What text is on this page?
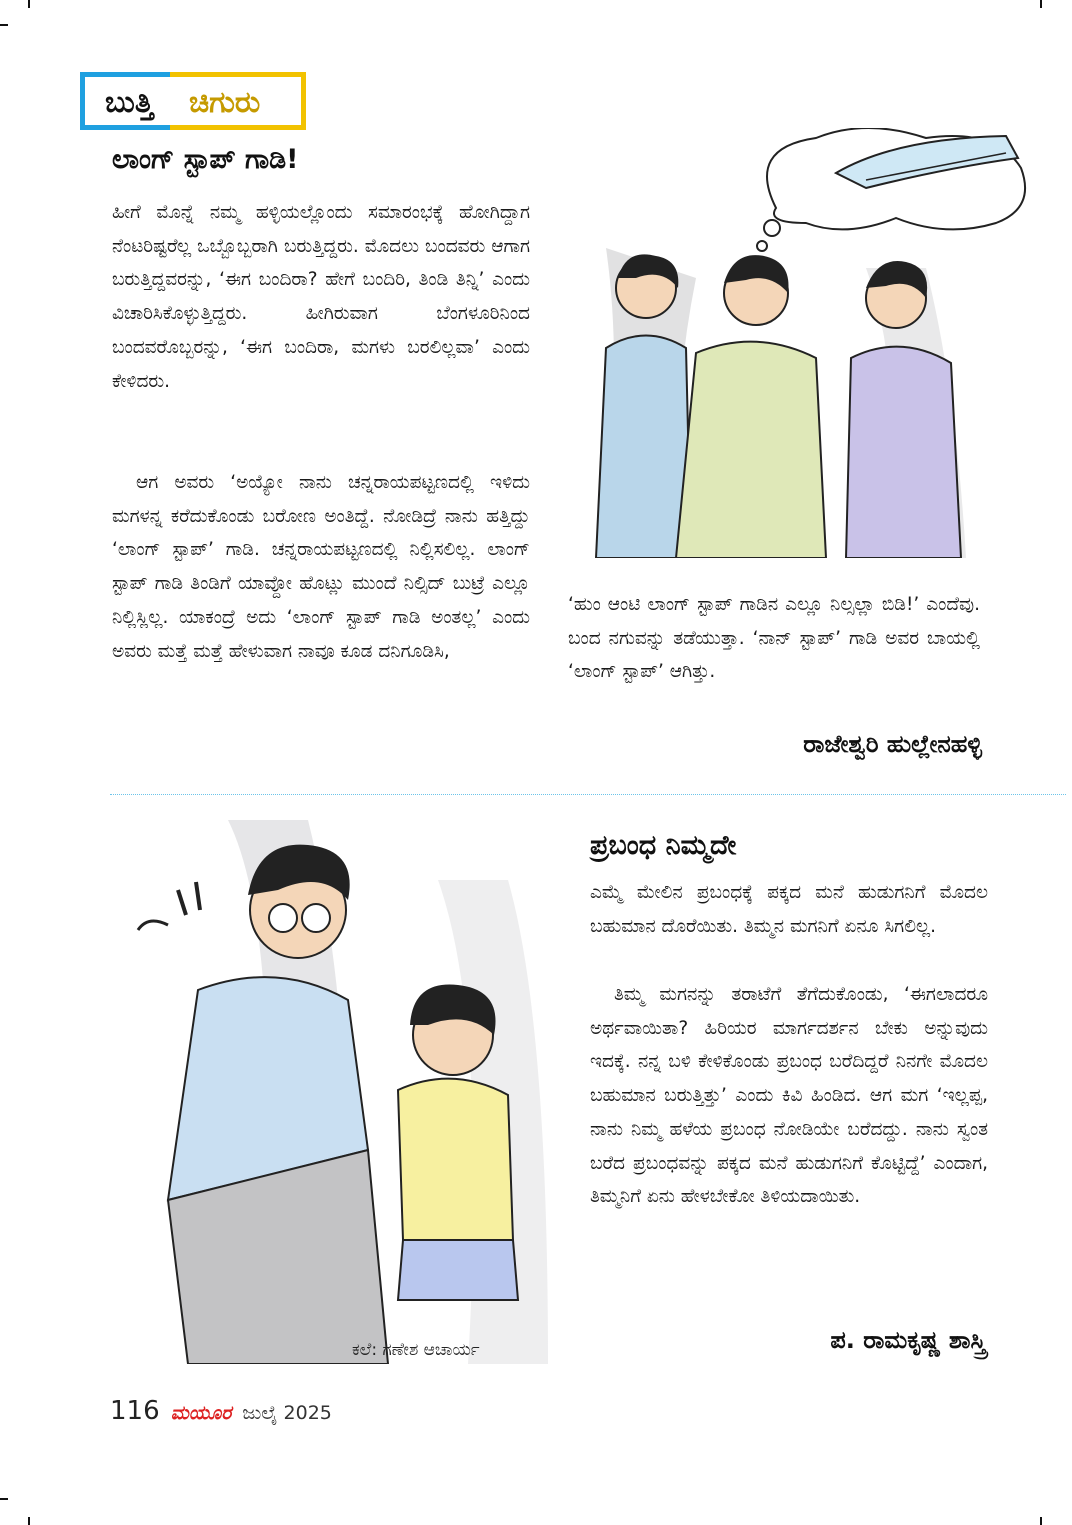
ಬುತ್ತಿ ಚಿಗುರು
ಲಾಂಗ್ ಸ್ಟಾಪ್ ಗಾಡಿ!

ಹೀಗೆ ಮೊನ್ನೆ ನಮ್ಮ ಹಳ್ಳಿಯಲ್ಲೊಂದು ಸಮಾರಂಭಕ್ಕೆ ಹೋಗಿದ್ದಾಗ ನೆಂಟರಿಷ್ಟರೆಲ್ಲ ಒಬ್ಬೊಬ್ಬರಾಗಿ ಬರುತ್ತಿದ್ದರು. ಮೊದಲು ಬಂದವರು ಆಗಾಗ ಬರುತ್ತಿದ್ದವರನ್ನು, ‘ಈಗ ಬಂದಿರಾ? ಹೇಗೆ ಬಂದಿರಿ, ತಿಂಡಿ ತಿನ್ನಿ’ ಎಂದು ವಿಚಾರಿಸಿಕೊಳ್ಳುತ್ತಿದ್ದರು. ಹೀಗಿರುವಾಗ ಬೆಂಗಳೂರಿನಿಂದ ಬಂದವರೊಬ್ಬರನ್ನು, ‘ಈಗ ಬಂದಿರಾ, ಮಗಳು ಬರಲಿಲ್ಲವಾ’ ಎಂದು ಕೇಳಿದರು.

ಆಗ ಅವರು ‘ಅಯ್ಯೋ ನಾನು ಚನ್ನರಾಯಪಟ್ಟಣದಲ್ಲಿ ಇಳಿದು ಮಗಳನ್ನ ಕರೆದುಕೊಂಡು ಬರೋಣ ಅಂತಿದ್ದೆ. ನೋಡಿದ್ರೆ ನಾನು ಹತ್ತಿದ್ದು ‘ಲಾಂಗ್ ಸ್ಟಾಪ್’ ಗಾಡಿ. ಚನ್ನರಾಯಪಟ್ಟಣದಲ್ಲಿ ನಿಲ್ಲಿಸಲಿಲ್ಲ. ಲಾಂಗ್ ಸ್ಟಾಪ್ ಗಾಡಿ ತಿಂಡಿಗೆ ಯಾವ್ದೋ ಹೊಟ್ಲು ಮುಂದೆ ನಿಲ್ಸಿದ್ ಬುಟ್ರೆ ಎಲ್ಲೂ ನಿಲ್ಲಿಸ್ಲಿಲ್ಲ. ಯಾಕಂದ್ರೆ ಅದು ‘ಲಾಂಗ್ ಸ್ಟಾಪ್ ಗಾಡಿ ಅಂತಲ್ಲ’ ಎಂದು ಅವರು ಮತ್ತೆ ಮತ್ತೆ ಹೇಳುವಾಗ ನಾವೂ ಕೂಡ ದನಿಗೂಡಿಸಿ,

‘ಹುಂ ಆಂಟಿ ಲಾಂಗ್ ಸ್ಟಾಪ್ ಗಾಡಿನ ಎಲ್ಲೂ ನಿಲ್ಸಲ್ಲಾ ಬಿಡಿ!’ ಎಂದೆವು. ಬಂದ ನಗುವನ್ನು ತಡೆಯುತ್ತಾ. ‘ನಾನ್ ಸ್ಟಾಪ್’ ಗಾಡಿ ಅವರ ಬಾಯಲ್ಲಿ ‘ಲಾಂಗ್ ಸ್ಟಾಪ್’ ಆಗಿತ್ತು.

ರಾಜೇಶ್ವರಿ ಹುಲ್ಲೇನಹಳ್ಳಿ
ಕಲೆ: ಗಣೇಶ ಆಚಾರ್ಯ
ಪ್ರಬಂಧ ನಿಮ್ಮದೇ

ಎಮ್ಮೆ ಮೇಲಿನ ಪ್ರಬಂಧಕ್ಕೆ ಪಕ್ಕದ ಮನೆ ಹುಡುಗನಿಗೆ ಮೊದಲ ಬಹುಮಾನ ದೊರೆಯಿತು. ತಿಮ್ಮನ ಮಗನಿಗೆ ಏನೂ ಸಿಗಲಿಲ್ಲ.

ತಿಮ್ಮ ಮಗನನ್ನು ತರಾಟೆಗೆ ತೆಗೆದುಕೊಂಡು, ‘ಈಗಲಾದರೂ ಅರ್ಥವಾಯಿತಾ? ಹಿರಿಯರ ಮಾರ್ಗದರ್ಶನ ಬೇಕು ಅನ್ನುವುದು ಇದಕ್ಕೆ. ನನ್ನ ಬಳಿ ಕೇಳಿಕೊಂಡು ಪ್ರಬಂಧ ಬರೆದಿದ್ದರೆ ನಿನಗೇ ಮೊದಲ ಬಹುಮಾನ ಬರುತ್ತಿತ್ತು’ ಎಂದು ಕಿವಿ ಹಿಂಡಿದ. ಆಗ ಮಗ ‘ಇಲ್ಲಪ್ಪ, ನಾನು ನಿಮ್ಮ ಹಳೆಯ ಪ್ರಬಂಧ ನೋಡಿಯೇ ಬರೆದದ್ದು. ನಾನು ಸ್ವಂತ ಬರೆದ ಪ್ರಬಂಧವನ್ನು ಪಕ್ಕದ ಮನೆ ಹುಡುಗನಿಗೆ ಕೊಟ್ಟಿದ್ದೆ’ ಎಂದಾಗ, ತಿಮ್ಮನಿಗೆ ಏನು ಹೇಳಬೇಕೋ ತಿಳಿಯದಾಯಿತು.

ಪ. ರಾಮಕೃಷ್ಣ ಶಾಸ್ತ್ರಿ
116 ಮಯೂರ ಜುಲೈ 2025
